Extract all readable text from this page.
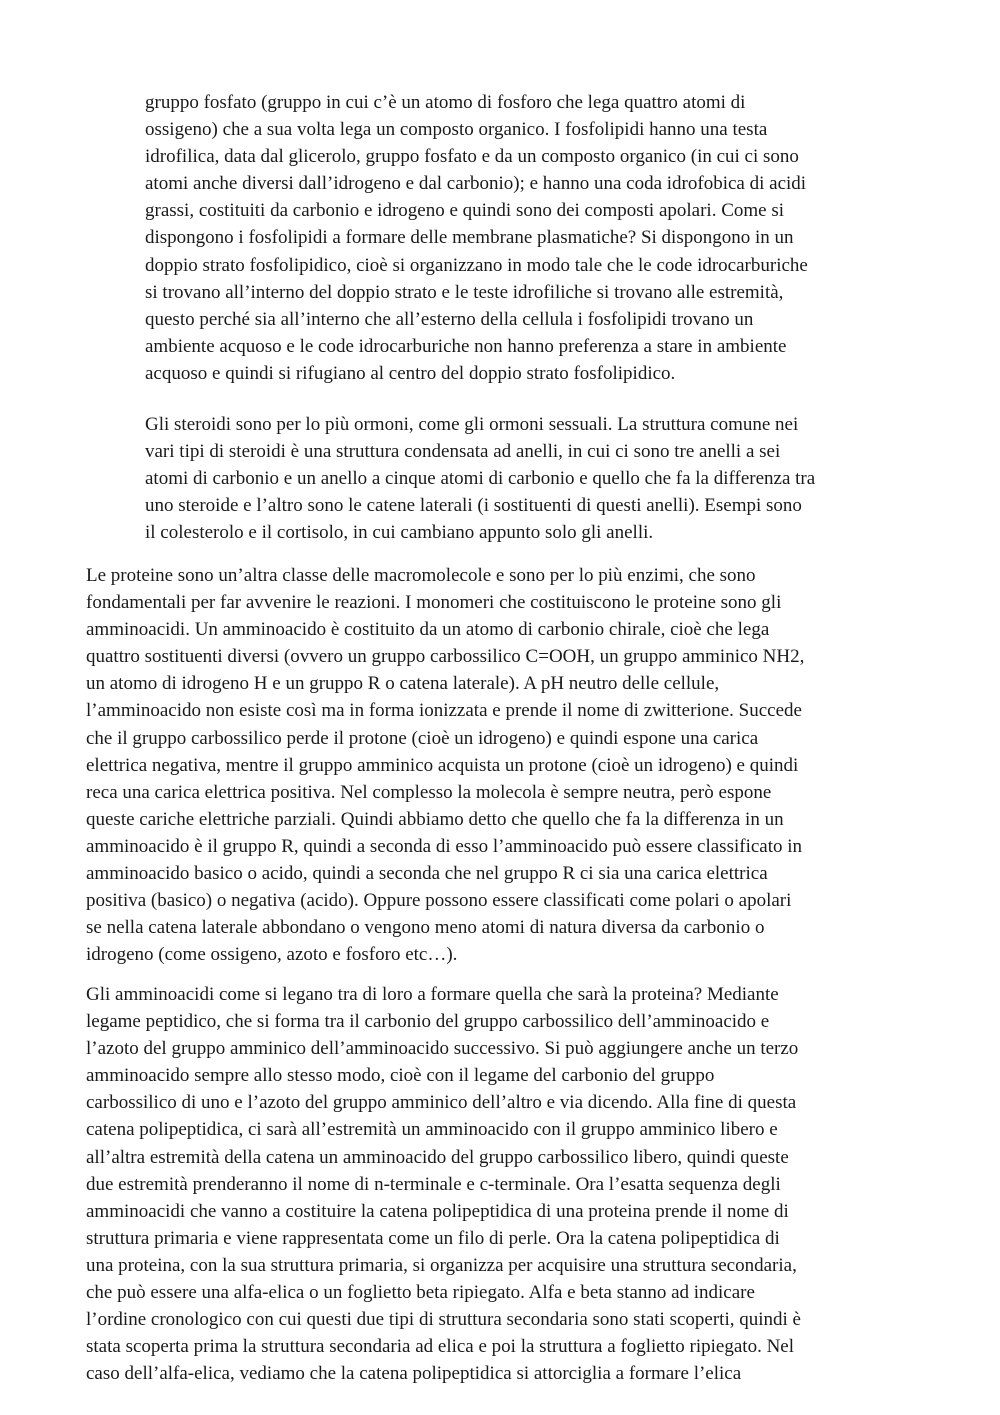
gruppo fosfato (gruppo in cui c’è un atomo di fosforo che lega quattro atomi di
ossigeno) che a sua volta lega un composto organico. I fosfolipidi hanno una testa
idrofilica, data dal glicerolo, gruppo fosfato e da un composto organico (in cui ci sono
atomi anche diversi dall’idrogeno e dal carbonio); e hanno una coda idrofobica di acidi
grassi, costituiti da carbonio e idrogeno e quindi sono dei composti apolari. Come si
dispongono i fosfolipidi a formare delle membrane plasmatiche? Si dispongono in un
doppio strato fosfolipidico, cioè si organizzano in modo tale che le code idrocarburiche
si trovano all’interno del doppio strato e le teste idrofiliche si trovano alle estremità,
questo perché sia all’interno che all’esterno della cellula i fosfolipidi trovano un
ambiente acquoso e le code idrocarburiche non hanno preferenza a stare in ambiente
acquoso e quindi si rifugiano al centro del doppio strato fosfolipidico.
Gli steroidi sono per lo più ormoni, come gli ormoni sessuali. La struttura comune nei
vari tipi di steroidi è una struttura condensata ad anelli, in cui ci sono tre anelli a sei
atomi di carbonio e un anello a cinque atomi di carbonio e quello che fa la differenza tra
uno steroide e l’altro sono le catene laterali (i sostituenti di questi anelli). Esempi sono
il colesterolo e il cortisolo, in cui cambiano appunto solo gli anelli.
Le proteine sono un’altra classe delle macromolecole e sono per lo più enzimi, che sono
fondamentali per far avvenire le reazioni. I monomeri che costituiscono le proteine sono gli
amminoacidi. Un amminoacido è costituito da un atomo di carbonio chirale, cioè che lega
quattro sostituenti diversi (ovvero un gruppo carbossilico C=OOH, un gruppo amminico NH2,
un atomo di idrogeno H e un gruppo R o catena laterale). A pH neutro delle cellule,
l’amminoacido non esiste così ma in forma ionizzata e prende il nome di zwitterione. Succede
che il gruppo carbossilico perde il protone (cioè un idrogeno) e quindi espone una carica
elettrica negativa, mentre il gruppo amminico acquista un protone (cioè un idrogeno) e quindi
reca una carica elettrica positiva. Nel complesso la molecola è sempre neutra, però espone
queste cariche elettriche parziali. Quindi abbiamo detto che quello che fa la differenza in un
amminoacido è il gruppo R, quindi a seconda di esso l’amminoacido può essere classificato in
amminoacido basico o acido, quindi a seconda che nel gruppo R ci sia una carica elettrica
positiva (basico) o negativa (acido). Oppure possono essere classificati come polari o apolari
se nella catena laterale abbondano o vengono meno atomi di natura diversa da carbonio o
idrogeno (come ossigeno, azoto e fosforo etc…).
Gli amminoacidi come si legano tra di loro a formare quella che sarà la proteina? Mediante
legame peptidico, che si forma tra il carbonio del gruppo carbossilico dell’amminoacido e
l’azoto del gruppo amminico dell’amminoacido successivo. Si può aggiungere anche un terzo
amminoacido sempre allo stesso modo, cioè con il legame del carbonio del gruppo
carbossilico di uno e l’azoto del gruppo amminico dell’altro e via dicendo. Alla fine di questa
catena polipeptidica, ci sarà all’estremità un amminoacido con il gruppo amminico libero e
all’altra estremità della catena un amminoacido del gruppo carbossilico libero, quindi queste
due estremità prenderanno il nome di n-terminale e c-terminale. Ora l’esatta sequenza degli
amminoacidi che vanno a costituire la catena polipeptidica di una proteina prende il nome di
struttura primaria e viene rappresentata come un filo di perle. Ora la catena polipeptidica di
una proteina, con la sua struttura primaria, si organizza per acquisire una struttura secondaria,
che può essere una alfa-elica o un foglietto beta ripiegato. Alfa e beta stanno ad indicare
l’ordine cronologico con cui questi due tipi di struttura secondaria sono stati scoperti, quindi è
stata scoperta prima la struttura secondaria ad elica e poi la struttura a foglietto ripiegato. Nel
caso dell’alfa-elica, vediamo che la catena polipeptidica si attorciglia a formare l’elica
